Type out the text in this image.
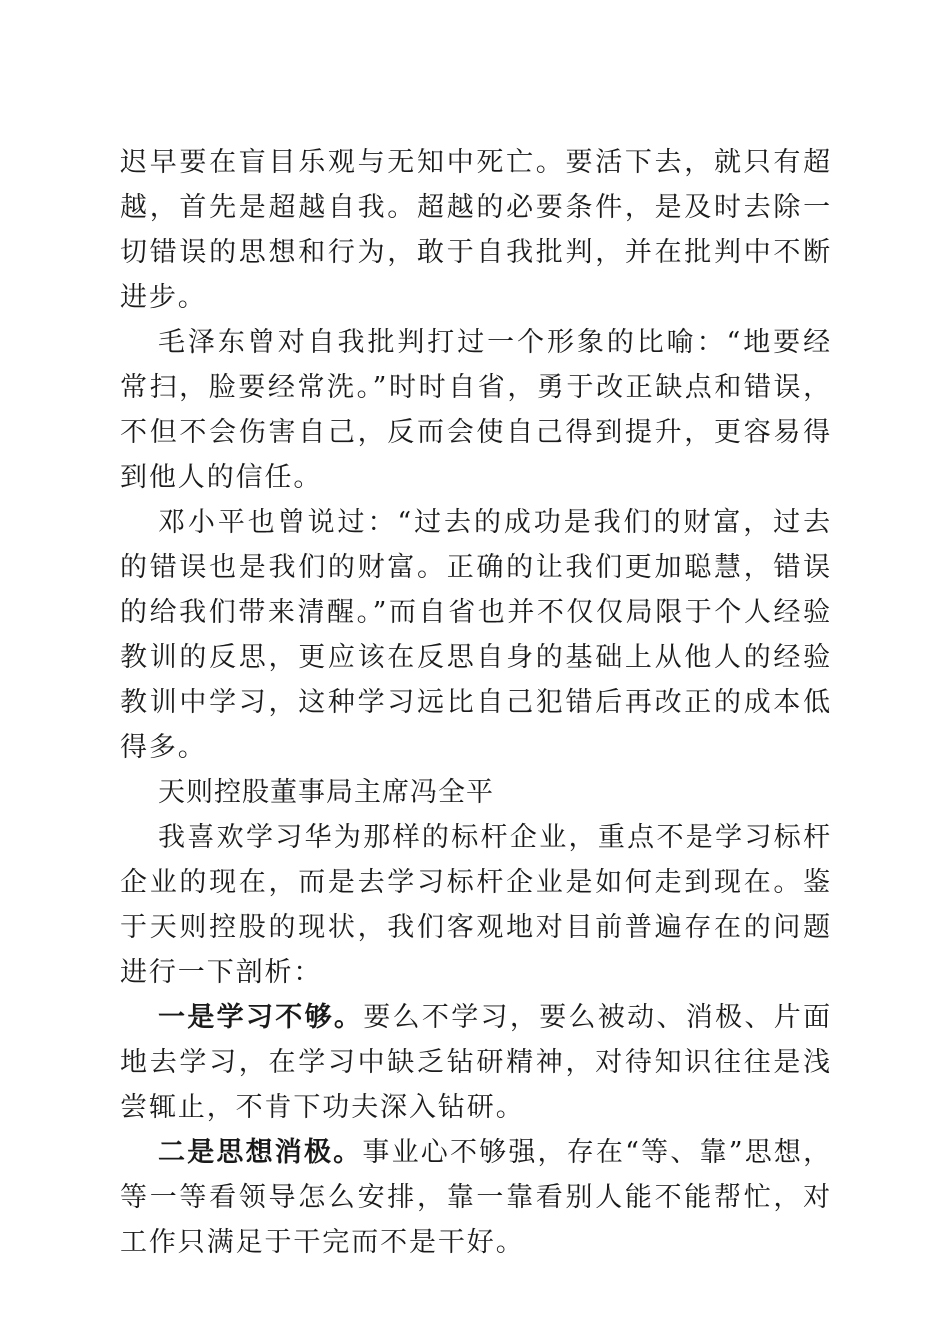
迟早要在盲目乐观与无知中死亡。要活下去，就只有超越，首先是超越自我。超越的必要条件，是及时去除一切错误的思想和行为，敢于自我批判，并在批判中不断进步。

毛泽东曾对自我批判打过一个形象的比喻：“地要经常扫，脸要经常洗。”时时自省，勇于改正缺点和错误，不但不会伤害自己，反而会使自己得到提升，更容易得到他人的信任。

邓小平也曾说过：“过去的成功是我们的财富，过去的错误也是我们的财富。正确的让我们更加聪慧，错误的给我们带来清醒。”而自省也并不仅仅局限于个人经验教训的反思，更应该在反思自身的基础上从他人的经验教训中学习，这种学习远比自己犯错后再改正的成本低得多。

天则控股董事局主席冯全平

我喜欢学习华为那样的标杆企业，重点不是学习标杆企业的现在，而是去学习标杆企业是如何走到现在。鉴于天则控股的现状，我们客观地对目前普遍存在的问题进行一下剖析：

一是学习不够。要么不学习，要么被动、消极、片面地去学习，在学习中缺乏钻研精神，对待知识往往是浅尝辄止，不肯下功夫深入钻研。

二是思想消极。事业心不够强，存在“等、靠”思想，等一等看领导怎么安排，靠一靠看别人能不能帮忙，对工作只满足于干完而不是干好。
